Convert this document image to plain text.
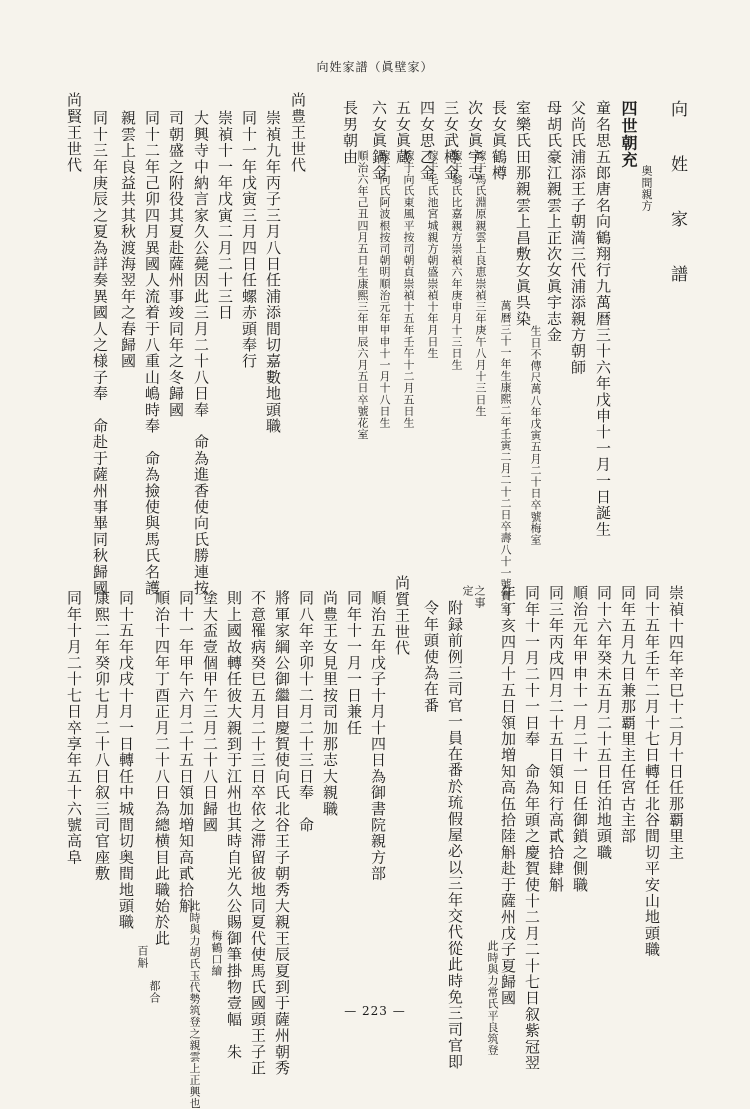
向姓家譜（眞壁家）
向 姓 家 譜
四世朝充
奥間親方
童名思五郎唐名向鶴翔行九萬暦三十六年戊申十一月一日誕生
父尚氏浦添王子朝満三代浦添親方朝師
母胡氏豪江親雲上正次女眞宇志金
室樂氏田那親雲上昌敷女眞呉染
長女眞鶴樽
次女眞宇志
三女武樽金
四女思乙金
五女眞蔵
六女眞鍋金
長男朝由
尚豊王世代
崇禎九年丙子三月八日任浦添間切嘉數地頭職
同十一年戊寅三月四日任螺赤頭奉行
崇禎十一年戊寅二月二十三日
大興寺中納言家久公薨因此三月二十八日奉　命為進香使向氏勝連按
司朝盛之附役其夏赴薩州事竣同年之冬歸國
同十二年己卯四月異國人流着于八重山嶋時奉　命為撿使與馬氏名護
親雲上良益共其秋渡海翌年之春歸國
同十三年庚辰之夏為詳奏異國人之様子奉　命赴于薩州事畢同秋歸國
尚賢王世代
生日不傳尺萬八年戊寅五月二十日卒號梅室
萬暦三十一年生康熙二年壬寅二月二十二日卒壽八十一號寶室
嫁于馬氏淵原親雲上良恵崇禎三年庚午八月十三日生
嫁于翁氏比嘉親方崇禎六年庚申月十三日生
嫁于毛氏池宮城親方朝盛崇禎十年月日生
嫁于向氏東風平按司朝貞崇禎十五年壬午十二月五日生
嫁于向氏阿波根按司朝明順治元年甲申十一月十八日生
順治六年己丑四月五日生康熙三年甲辰六月五日卒號花室
崇禎十四年辛巳十二月十日任那覇里主
同十五年壬午二月十七日轉任北谷間切平安山地頭職
同年五月九日兼那覇里主任宮古主部
同十六年癸未五月二十五日任泊地頭職
順治元年甲申十一月二十一日任御鎖之側職
同三年丙戌四月二十五日領知行高貳拾肆斛
同年十一月二十一日奉　命為年頭之慶賀使十二月二十七日叙紫冠翌
年丁亥四月十五日領加増知高伍拾陸斛赴于薩州戊子夏歸國
附録前例三司官一員在番於琉假屋必以三年交代從此時免三司官即
令年頭使為在番
尚質王世代
順治五年戊子十月十四日為御書院親方部
同年十一月一日兼任
尚豊王女見里按司加那志大親職
同八年辛卯十二月二十三日奉　命
將軍家綱公御繼目慶賀使向氏北谷王子朝秀大親王辰夏到于薩州朝秀
不意罹病癸巳五月二十三日卒依之滞留彼地同夏代使馬氏國頭王子正
則上國故轉任彼大親到于江州也其時自光久公賜御筆掛物壹幅　朱
塗大盃壹個甲午三月二十八日歸國
同十一年甲午六月二十五日領加増知高貳拾斛
順治十四年丁酉正月二十八日為總横目此職始於此
同十五年戊戌十月一日轉任中城間切奥間地頭職
康熙二年癸卯七月二十八日叙三司官座敷
同年十月二十七日卒享年五十六號高阜	之事
定
此時與力常氏平良筑登
此時與力胡氏玉代勢筑登之親雲上正興也
百斛	梅鶴口繪
都合
— 223 —
